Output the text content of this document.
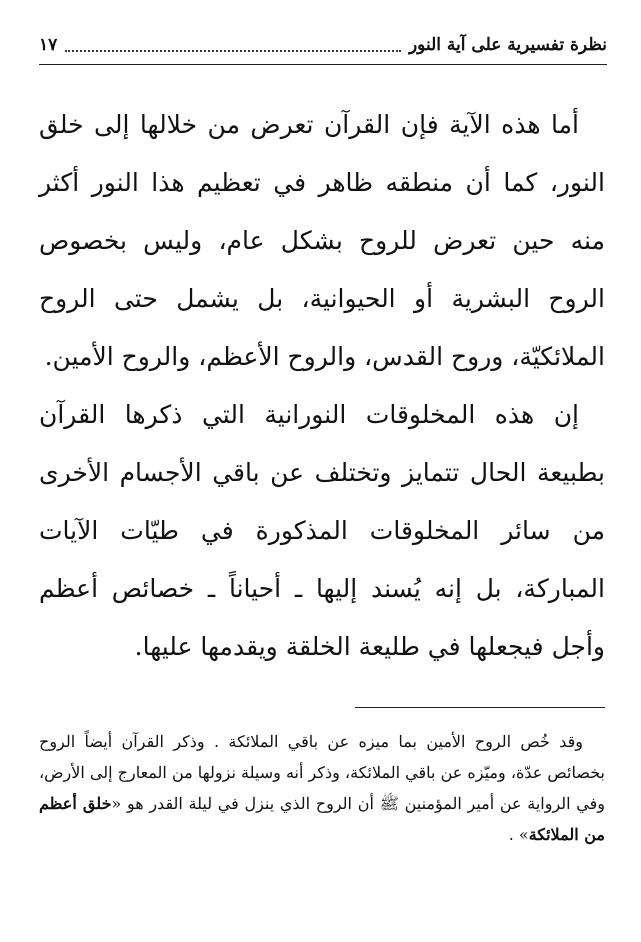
نظرة تفسيرية على آية النور
١٧

أما هذه الآية فإن القرآن تعرض من خلالها إلى خلق النور، كما أن منطقه ظاهر في تعظيم هذا النور أكثر منه حين تعرض للروح بشكل عام، وليس بخصوص الروح البشرية أو الحيوانية، بل يشمل حتى الروح الملائكيّة، وروح القدس، والروح الأعظم، والروح الأمين.

إن هذه المخلوقات النورانية التي ذكرها القرآن بطبيعة الحال تتمايز وتختلف عن باقي الأجسام الأخرى من سائر المخلوقات المذكورة في طيّات الآيات المباركة، بل إنه يُسند إليها ـ أحياناً ـ خصائص أعظم وأجل فيجعلها في طليعة الخلقة ويقدمها عليها.

وقد خُص الروح الأمين بما ميزه عن باقي الملائكة . وذكر القرآن أيضاً الروح بخصائص عدّة، وميّزه عن باقي الملائكة، وذكر أنه وسيلة نزولها من المعارج إلى الأرض، وفي الرواية عن أمير المؤمنين ﷺ أن الروح الذي ينزل في ليلة القدر هو «خلق أعظم من الملائكة» .
